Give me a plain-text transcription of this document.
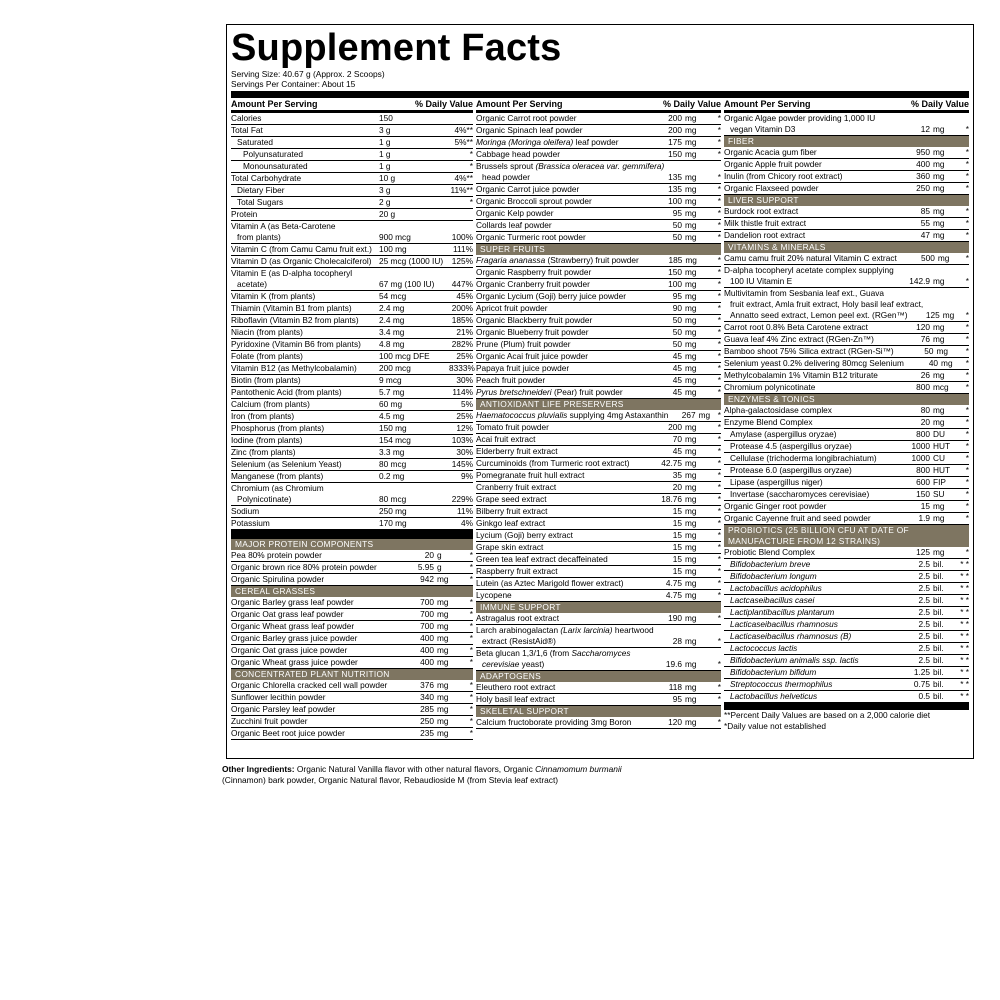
Supplement Facts
Serving Size: 40.67 g (Approx. 2 Scoops)
Servings Per Container: About 15
Amount Per Serving	% Daily Value
Calories	150
Total Fat	3 g	4%**
Saturated	1 g	5%**
Polyunsaturated	1 g	*
Monounsaturated	1 g	*
Total Carbohydrate	10 g	4%**
Dietary Fiber	3 g	11%**
Total Sugars	2 g	*
Protein	20 g
Vitamin A (as Beta-Carotene
from plants)	900 mcg	100%
Vitamin C (from Camu Camu fruit ext.) 100 mg	111%
Vitamin D (as Organic Cholecalciferol) 25 mcg (1000 IU)	125%
Vitamin E (as D-alpha tocopheryl
acetate)	67 mg (100 IU)	447%
Vitamin K (from plants)	54 mcg	45%
Thiamin (Vitamin B1 from plants)	2.4 mg	200%
Riboflavin (Vitamin B2 from plants)	2.4 mg	185%
Niacin (from plants)	3.4 mg	21%
Pyridoxine (Vitamin B6 from plants)	4.8 mg	282%
Folate (from plants)	100 mcg DFE	25%
Vitamin B12 (as Methylcobalamin)	200 mcg	8333%
Biotin (from plants)	9 mcg	30%
Pantothenic Acid (from plants)	5.7 mg	114%
Calcium (from plants)	60 mg	5%
Iron (from plants)	4.5 mg	25%
Phosphorus (from plants)	150 mg	12%
Iodine (from plants)	154 mcg	103%
Zinc (from plants)	3.3 mg	30%
Selenium (as Selenium Yeast)	80 mcg	145%
Manganese (from plants)	0.2 mg	9%
Chromium (as Chromium
Polynicotinate)	80 mcg	229%
Sodium	250 mg	11%
Potassium	170 mg	4%
MAJOR PROTEIN COMPONENTS
Pea 80% protein powder	20 g	*
Organic brown rice 80% protein powder	5.95 g	*
Organic Spirulina powder	942 mg	*
CEREAL GRASSES
Organic Barley grass leaf powder	700 mg	*
Organic Oat grass leaf powder	700 mg	*
Organic Wheat grass leaf powder	700 mg	*
Organic Barley grass juice powder	400 mg	*
Organic Oat grass juice powder	400 mg	*
Organic Wheat grass juice powder	400 mg	*
CONCENTRATED PLANT NUTRITION
Organic Chlorella cracked cell wall powder	376 mg	*
Sunflower lecithin powder	340 mg	*
Organic Parsley leaf powder	285 mg	*
Zucchini fruit powder	250 mg	*
Organic Beet root juice powder	235 mg	*
Amount Per Serving	% Daily Value
Organic Carrot root powder	200 mg	*
Organic Spinach leaf powder	200 mg	*
Moringa (Moringa oleifera) leaf powder	175 mg	*
Cabbage head powder	150 mg	*
Brussels sprout (Brassica oleracea var. gemmifera)
head powder	135 mg	*
Organic Carrot juice powder	135 mg	*
Organic Broccoli sprout powder	100 mg	*
Organic Kelp powder	95 mg	*
Collards leaf powder	50 mg	*
Organic Turmeric root powder	50 mg	*
SUPER FRUITS
Fragaria ananassa (Strawberry) fruit powder	185 mg	*
Organic Raspberry fruit powder	150 mg	*
Organic Cranberry fruit powder	100 mg	*
Organic Lycium (Goji) berry juice powder	95 mg	*
Apricot fruit powder	90 mg	*
Organic Blackberry fruit powder	50 mg	*
Organic Blueberry fruit powder	50 mg	*
Prune (Plum) fruit powder	50 mg	*
Organic Acai fruit juice powder	45 mg	*
Papaya fruit juice powder	45 mg	*
Peach fruit powder	45 mg	*
Pyrus bretschneideri (Pear) fruit powder	45 mg	*
ANTIOXIDANT LIFE PRESERVERS
Haematococcus pluvialis supplying 4mg Astaxanthin	267 mg *
Tomato fruit powder	200 mg	*
Acai fruit extract	70 mg	*
Elderberry fruit extract	45 mg	*
Curcuminoids (from Turmeric root extract)	42.75 mg	*
Pomegranate fruit hull extract	35 mg	*
Cranberry fruit extract	20 mg	*
Grape seed extract	18.76 mg	*
Bilberry fruit extract	15 mg	*
Ginkgo leaf extract	15 mg	*
Lycium (Goji) berry extract	15 mg	*
Grape skin extract	15 mg	*
Green tea leaf extract decaffeinated	15 mg	*
Raspberry fruit extract	15 mg	*
Lutein (as Aztec Marigold flower extract)	4.75 mg	*
Lycopene	4.75 mg	*
IMMUNE SUPPORT
Astragalus root extract	190 mg	*
Larch arabinogalactan (Larix larcinia) heartwood
extract (ResistAid®)	28 mg	*
Beta glucan 1,3/1,6 (from Saccharomyces
cerevisiae yeast)	19.6 mg	*
ADAPTOGENS
Eleuthero root extract	118 mg	*
Holy basil leaf extract	95 mg	*
SKELETAL SUPPORT
Calcium fructoborate providing 3mg Boron	120 mg	*
Amount Per Serving	% Daily Value
Organic Algae powder providing 1,000 IU
vegan Vitamin D3	12 mg	*
FIBER
Organic Acacia gum fiber	950 mg	*
Organic Apple fruit powder	400 mg	*
Inulin (from Chicory root extract)	360 mg	*
Organic Flaxseed powder	250 mg	*
LIVER SUPPORT
Burdock root extract	85 mg	*
Milk thistle fruit extract	55 mg	*
Dandelion root extract	47 mg	*
VITAMINS & MINERALS
Camu camu fruit 20% natural Vitamin C extract	500 mg	*
D-alpha tocopheryl acetate complex supplying
100 IU Vitamin E	142.9 mg	*
Multivitamin from Sesbania leaf ext., Guava
fruit extract, Amla fruit extract, Holy basil leaf extract,
Annatto seed extract, Lemon peel ext. (RGen™)	125 mg	*
Carrot root 0.8% Beta Carotene extract	120 mg	*
Guava leaf 4% Zinc extract (RGen-Zn™)	76 mg	*
Bamboo shoot 75% Silica extract (RGen-Si™)	50 mg	*
Selenium yeast 0.2% delivering 80mcg Selenium	40 mg	*
Methylcobalamin 1% Vitamin B12 triturate	26 mg	*
Chromium polynicotinate	800 mcg	*
ENZYMES & TONICS
Alpha-galactosidase complex	80 mg	*
Enzyme Blend Complex	20 mg	*
Amylase (aspergillus oryzae)	800 DU	*
Protease 4.5 (aspergillus oryzae)	1000 HUT	*
Cellulase (trichoderma longibrachiatum)	1000 CU	*
Protease 6.0 (aspergillus oryzae)	800 HUT	*
Lipase (aspergillus niger)	600 FIP	*
Invertase (saccharomyces cerevisiae)	150 SU	*
Organic Ginger root powder	15 mg	*
Organic Cayenne fruit and seed powder	1.9 mg	*
PROBIOTICS (25 BILLION CFU AT DATE OF MANUFACTURE FROM 12 STRAINS)
Probiotic Blend Complex	125 mg	*
Bifidobacterium breve	2.5 bil.	* *
Bifidobacterium longum	2.5 bil.	* *
Lactobacillus acidophilus	2.5 bil.	* *
Lactcaseibacillus casei	2.5 bil.	* *
Lactiplantibacillus plantarum	2.5 bil.	* *
Lacticaseibacillus rhamnosus	2.5 bil.	* *
Lacticaseibacillus rhamnosus (B)	2.5 bil.	* *
Lactococcus lactis	2.5 bil.	* *
Bifidobacterium animalis ssp. lactis	2.5 bil.	* *
Bifidobacterium bifidum	1.25 bil.	* *
Streptococcus thermophilus	0.75 bil.	* *
Lactobacillus helveticus	0.5 bil.	* *
**Percent Daily Values are based on a 2,000 calorie diet
*Daily value not established
Other Ingredients: Organic Natural Vanilla flavor with other natural flavors, Organic Cinnamomum burmanii (Cinnamon) bark powder, Organic Natural flavor, Rebaudioside M (from Stevia leaf extract)
